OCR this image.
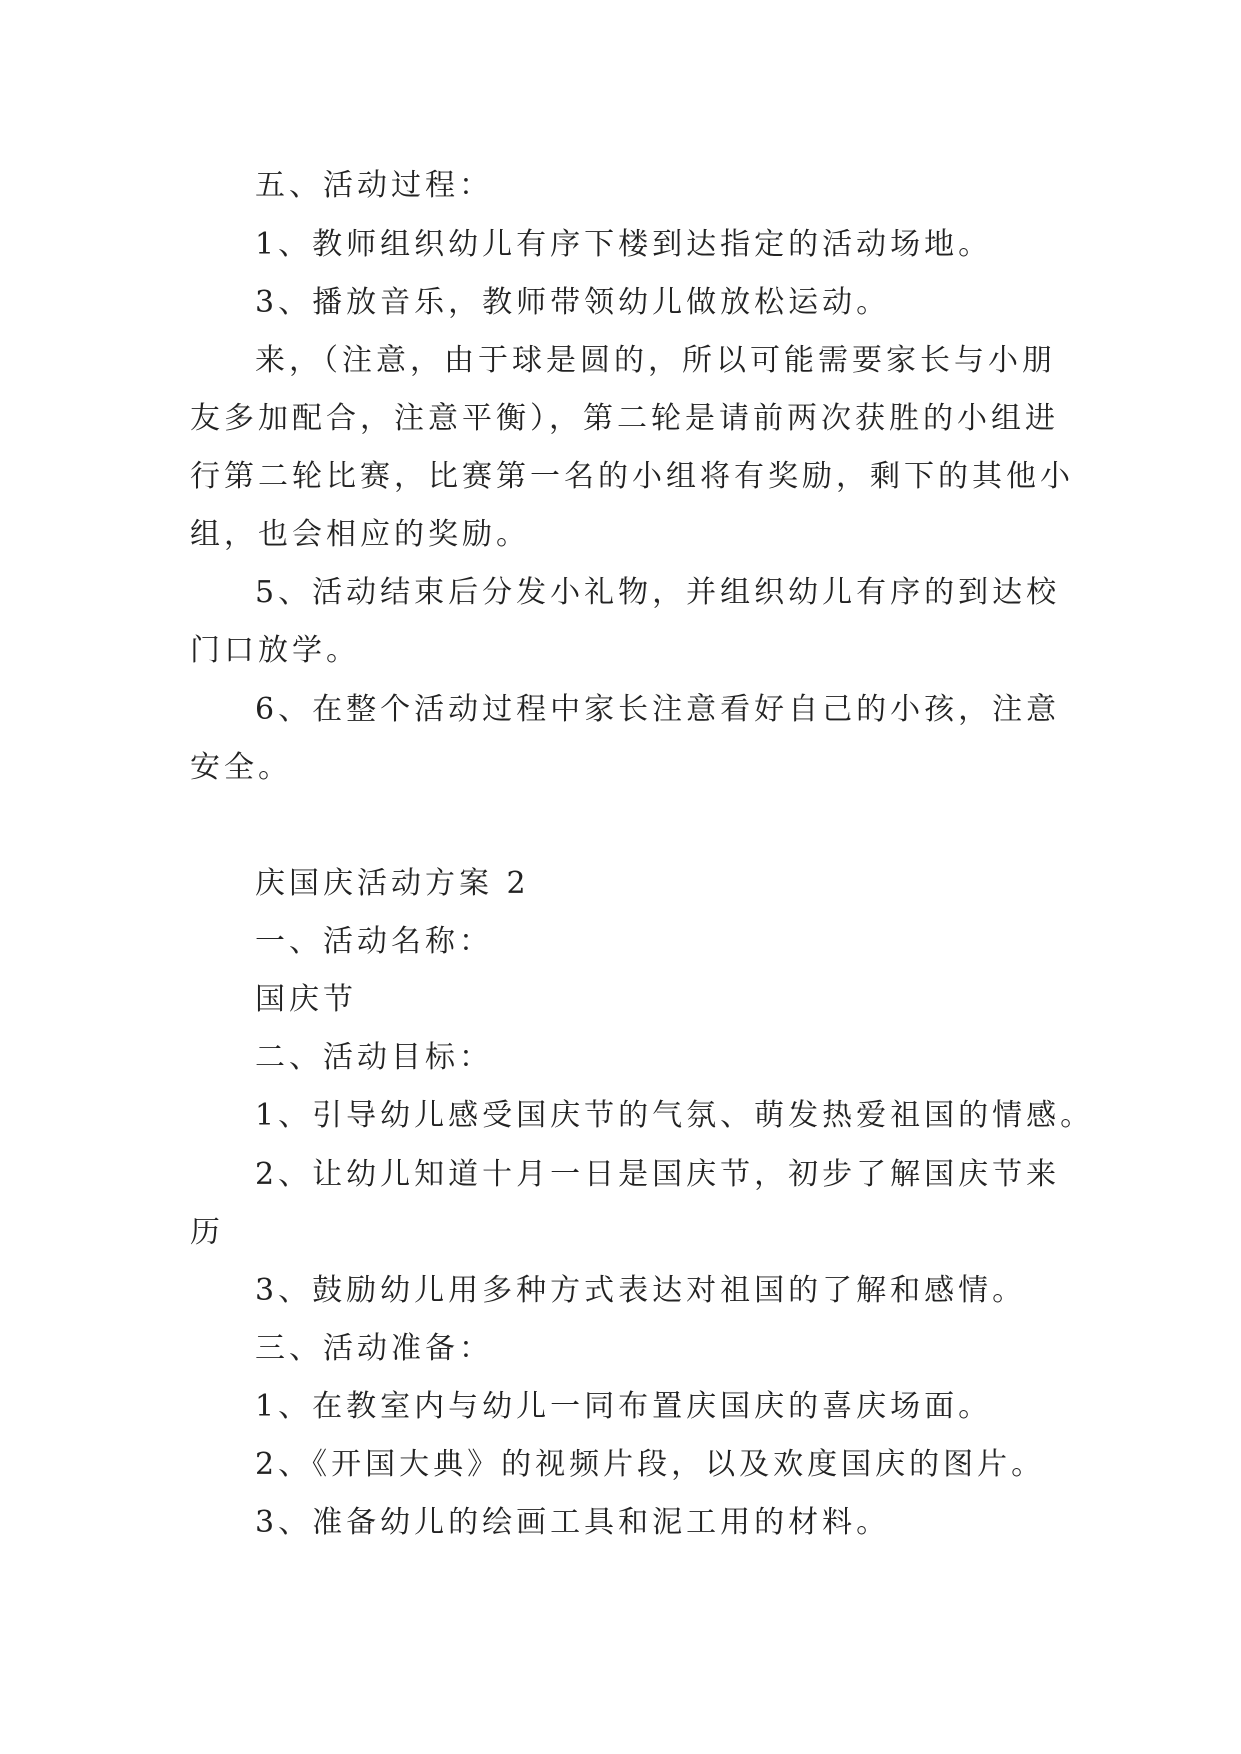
五、活动过程：
1、教师组织幼儿有序下楼到达指定的活动场地。
3、播放音乐，教师带领幼儿做放松运动。
来，（注意，由于球是圆的，所以可能需要家长与小朋
友多加配合，注意平衡），第二轮是请前两次获胜的小组进
行第二轮比赛，比赛第一名的小组将有奖励，剩下的其他小
组，也会相应的奖励。
5、活动结束后分发小礼物，并组织幼儿有序的到达校
门口放学。
6、在整个活动过程中家长注意看好自己的小孩，注意
安全。
庆国庆活动方案 2
一、活动名称：
国庆节
二、活动目标：
1、引导幼儿感受国庆节的气氛、萌发热爱祖国的情感。
2、让幼儿知道十月一日是国庆节，初步了解国庆节来
历
3、鼓励幼儿用多种方式表达对祖国的了解和感情。
三、活动准备：
1、在教室内与幼儿一同布置庆国庆的喜庆场面。
2、《开国大典》的视频片段，以及欢度国庆的图片。
3、准备幼儿的绘画工具和泥工用的材料。
